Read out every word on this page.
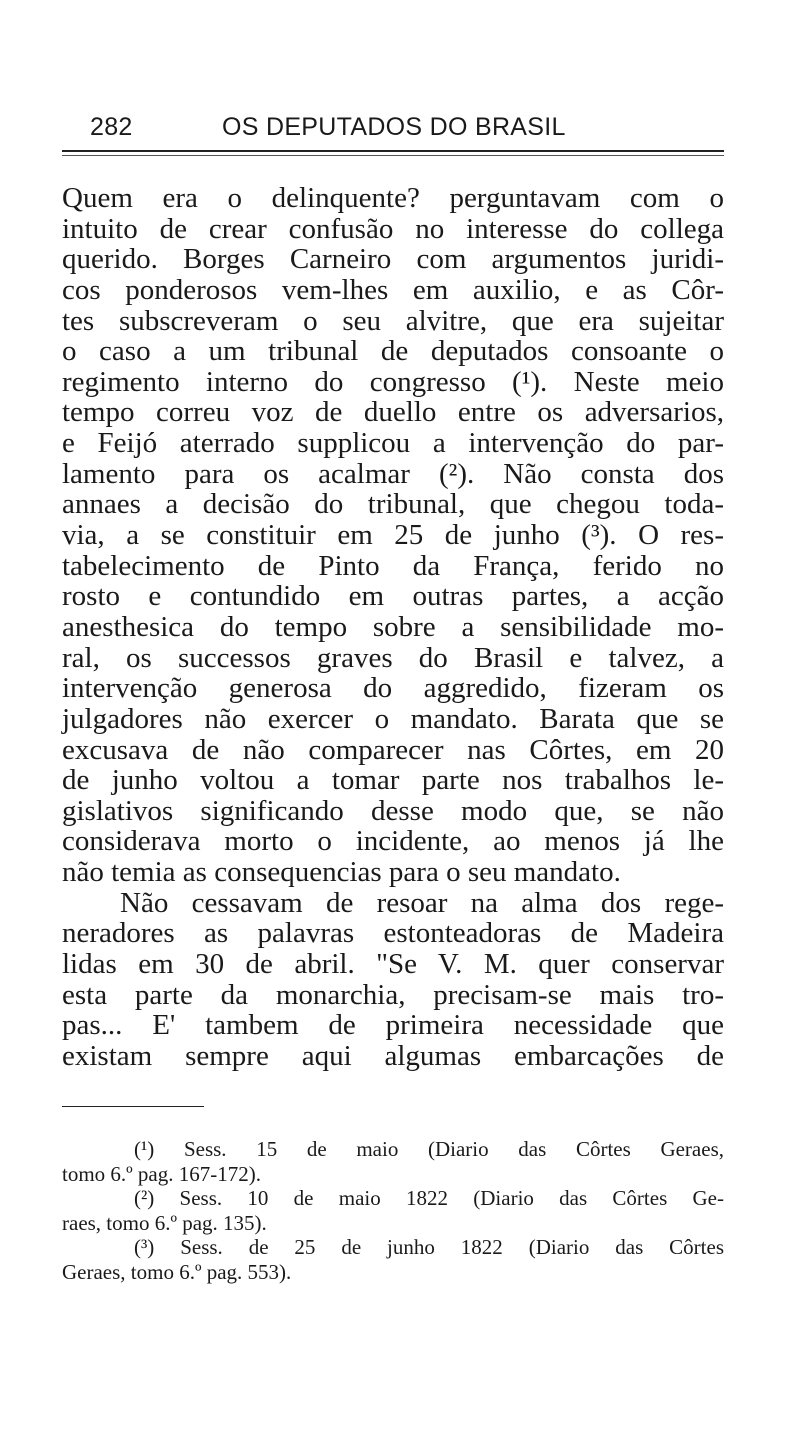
282	OS DEPUTADOS DO BRASIL
Quem era o delinquente? perguntavam com o
intuito de crear confusão no interesse do collega
querido. Borges Carneiro com argumentos juridi-
cos ponderosos vem-lhes em auxilio, e as Côr-
tes subscreveram o seu alvitre, que era sujeitar
o caso a um tribunal de deputados consoante o
regimento interno do congresso (¹). Neste meio
tempo correu voz de duello entre os adversarios,
e Feijó aterrado supplicou a intervenção do par-
lamento para os acalmar (²). Não consta dos
annaes a decisão do tribunal, que chegou toda-
via, a se constituir em 25 de junho (³). O res-
tabelecimento de Pinto da França, ferido no
rosto e contundido em outras partes, a acção
anesthesica do tempo sobre a sensibilidade mo-
ral, os successos graves do Brasil e talvez, a
intervenção generosa do aggredido, fizeram os
julgadores não exercer o mandato. Barata que se
excusava de não comparecer nas Côrtes, em 20
de junho voltou a tomar parte nos trabalhos le-
gislativos significando desse modo que, se não
considerava morto o incidente, ao menos já lhe
não temia as consequencias para o seu mandato.
Não cessavam de resoar na alma dos rege-
neradores as palavras estonteadoras de Madeira
lidas em 30 de abril. "Se V. M. quer conservar
esta parte da monarchia, precisam-se mais tro-
pas... E' tambem de primeira necessidade que
existam sempre aqui algumas embarcações de
(¹) Sess. 15 de maio (Diario das Côrtes Geraes,
tomo 6.º pag. 167-172).
(²) Sess. 10 de maio 1822 (Diario das Côrtes Ge-
raes, tomo 6.º pag. 135).
(³) Sess. de 25 de junho 1822 (Diario das Côrtes
Geraes, tomo 6.º pag. 553).
